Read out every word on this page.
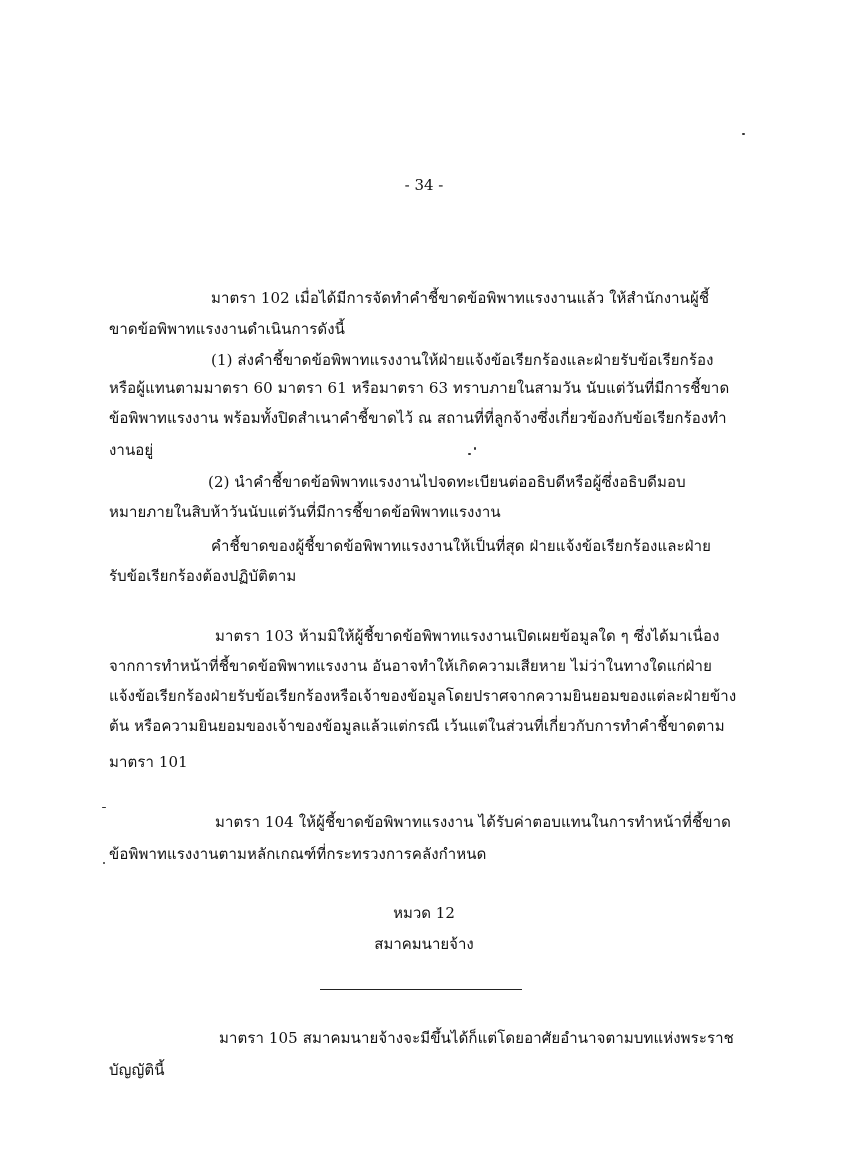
- 34 -
มาตรา 102 เมื่อได้มีการจัดทำคำชี้ขาดข้อพิพาทแรงงานแล้ว ให้สำนักงานผู้ชี้
ขาดข้อพิพาทแรงงานดำเนินการดังนี้
(1) ส่งคำชี้ขาดข้อพิพาทแรงงานให้ฝ่ายแจ้งข้อเรียกร้องและฝ่ายรับข้อเรียกร้อง
หรือผู้แทนตามมาตรา 60 มาตรา 61 หรือมาตรา 63 ทราบภายในสามวัน นับแต่วันที่มีการชี้ขาด
ข้อพิพาทแรงงาน พร้อมทั้งปิดสำเนาคำชี้ขาดไว้ ณ สถานที่ที่ลูกจ้างซึ่งเกี่ยวข้องกับข้อเรียกร้องทำ
งานอยู่
(2) นำคำชี้ขาดข้อพิพาทแรงงานไปจดทะเบียนต่ออธิบดีหรือผู้ซึ่งอธิบดีมอบ
หมายภายในสิบห้าวันนับแต่วันที่มีการชี้ขาดข้อพิพาทแรงงาน
คำชี้ขาดของผู้ชี้ขาดข้อพิพาทแรงงานให้เป็นที่สุด ฝ่ายแจ้งข้อเรียกร้องและฝ่าย
รับข้อเรียกร้องต้องปฏิบัติตาม
มาตรา 103 ห้ามมิให้ผู้ชี้ขาดข้อพิพาทแรงงานเปิดเผยข้อมูลใด ๆ ซึ่งได้มาเนื่อง
จากการทำหน้าที่ชี้ขาดข้อพิพาทแรงงาน อันอาจทำให้เกิดความเสียหาย ไม่ว่าในทางใดแก่ฝ่าย
แจ้งข้อเรียกร้องฝ่ายรับข้อเรียกร้องหรือเจ้าของข้อมูลโดยปราศจากความยินยอมของแต่ละฝ่ายข้าง
ต้น หรือความยินยอมของเจ้าของข้อมูลแล้วแต่กรณี เว้นแต่ในส่วนที่เกี่ยวกับการทำคำชี้ขาดตาม
มาตรา 101
มาตรา 104 ให้ผู้ชี้ขาดข้อพิพาทแรงงาน ได้รับค่าตอบแทนในการทำหน้าที่ชี้ขาด
ข้อพิพาทแรงงานตามหลักเกณฑ์ที่กระทรวงการคลังกำหนด
หมวด 12
สมาคมนายจ้าง
มาตรา 105 สมาคมนายจ้างจะมีขึ้นได้ก็แต่โดยอาศัยอำนาจตามบทแห่งพระราช
บัญญัตินี้
